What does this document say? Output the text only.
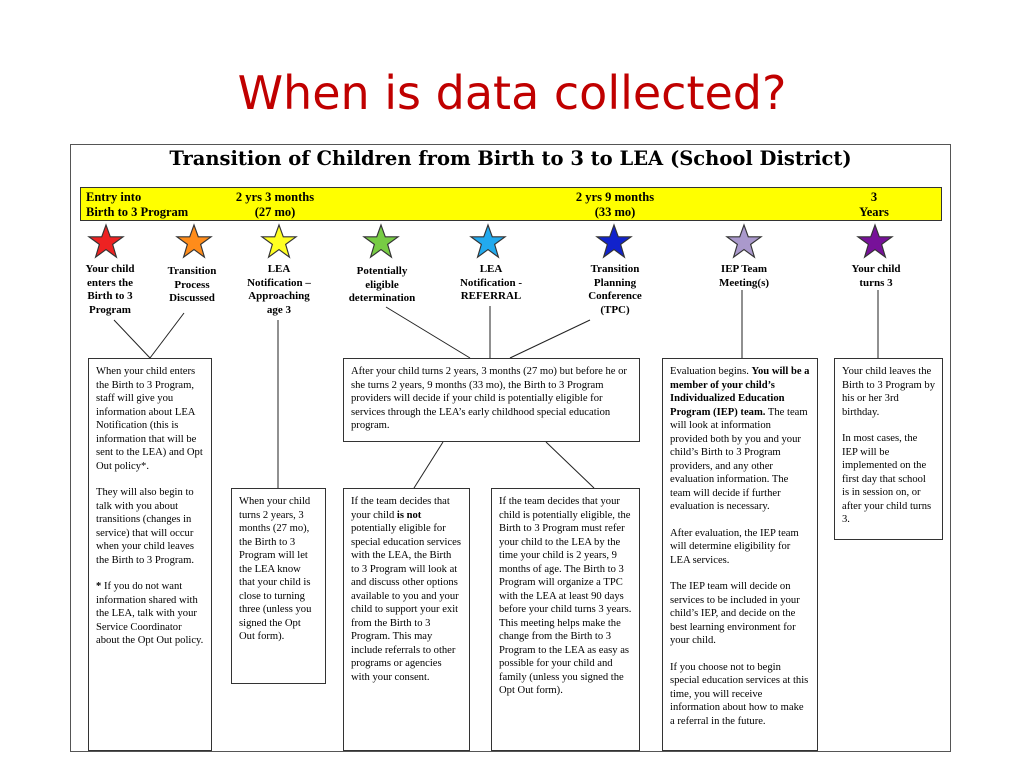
When is data collected?
Transition of Children from Birth to 3 to LEA (School District)
Entry into
Birth to 3 Program
2 yrs 3 months
(27 mo)
2 yrs 9 months
(33 mo)
3
Years
Your child
enters the
Birth to 3
Program
Transition
Process
Discussed
LEA
Notification –
Approaching
age 3
Potentially
eligible
determination
LEA
Notification -
REFERRAL
Transition
Planning
Conference
(TPC)
IEP Team
Meeting(s)
Your child
turns 3

When your child enters the Birth to 3 Program, staff will give you information about LEA Notification (this is information that will be sent to the LEA) and Opt Out policy*.

They will also begin to talk with you about transitions (changes in service) that will occur when your child leaves the Birth to 3 Program.

* If you do not want information shared with the LEA, talk with your Service Coordinator about the Opt Out policy.

When your child turns 2 years, 3 months (27 mo), the Birth to 3 Program will let the LEA know that your child is close to turning three (unless you signed the Opt Out form).

After your child turns 2 years, 3 months (27 mo) but before he or she turns 2 years, 9 months (33 mo), the Birth to 3 Program providers will decide if your child is potentially eligible for services through the LEA’s early childhood special education program.

If the team decides that your child is not potentially eligible for special education services with the LEA, the Birth to 3 Program will look at and discuss other options available to you and your child to support your exit from the Birth to 3 Program. This may include referrals to other programs or agencies with your consent.

If the team decides that your child is potentially eligible, the Birth to 3 Program must refer your child to the LEA by the time your child is 2 years, 9 months of age. The Birth to 3 Program will organize a TPC with the LEA at least 90 days before your child turns 3 years. This meeting helps make the change from the Birth to 3 Program to the LEA as easy as possible for your child and family (unless you signed the Opt Out form).

Evaluation begins. You will be a member of your child’s Individualized Education Program (IEP) team. The team will look at information provided both by you and your child’s Birth to 3 Program providers, and any other evaluation information. The team will decide if further evaluation is necessary.

After evaluation, the IEP team will determine eligibility for LEA services.

The IEP team will decide on services to be included in your child’s IEP, and decide on the best learning environment for your child.

If you choose not to begin special education services at this time, you will receive information about how to make a referral in the future.

Your child leaves the Birth to 3 Program by his or her 3rd birthday.

In most cases, the IEP will be implemented on the first day that school is in session on, or after your child turns 3.
